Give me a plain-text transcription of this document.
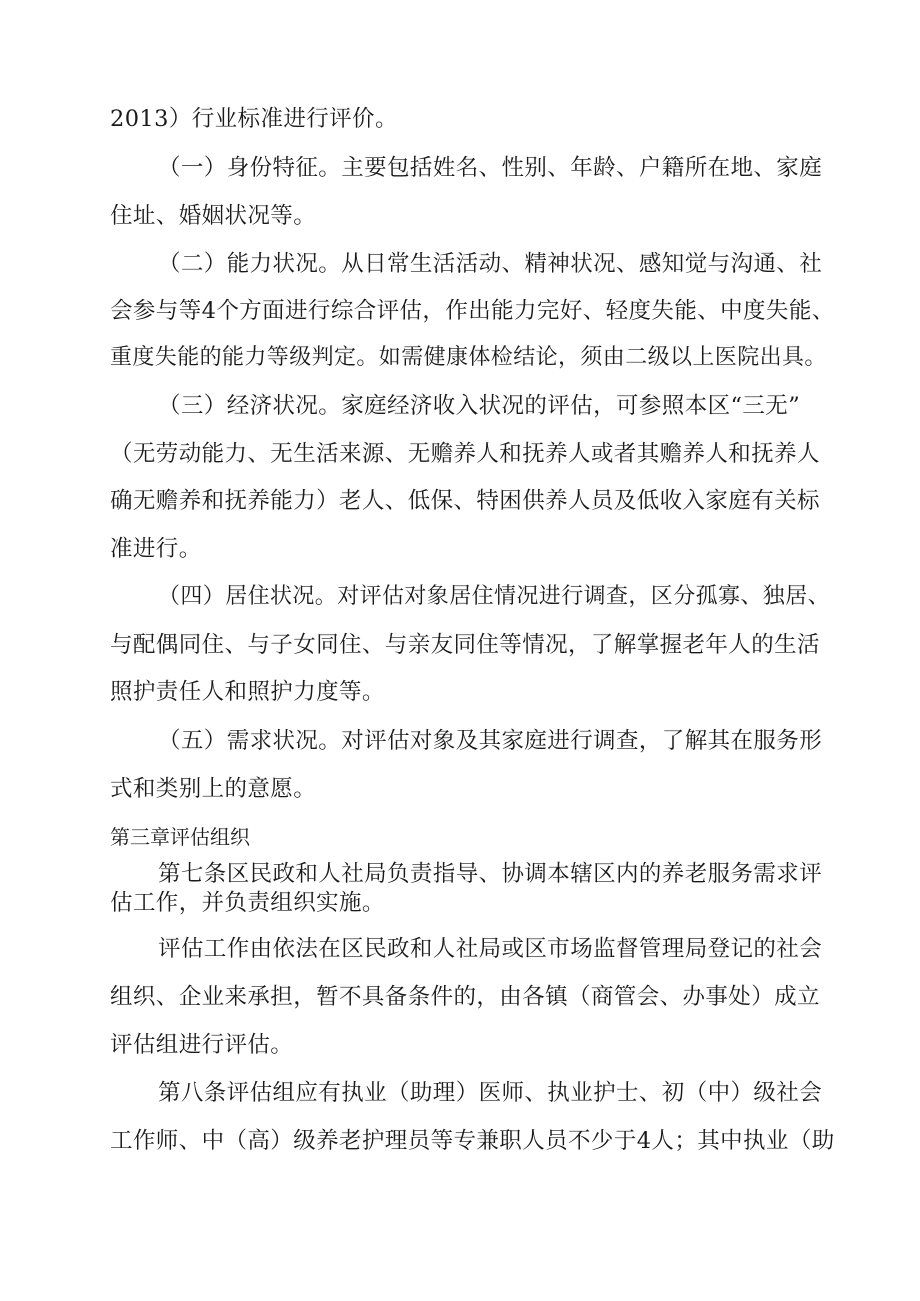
2013）行业标准进行评价。
（一）身份特征。主要包括姓名、性别、年龄、户籍所在地、家庭
住址、婚姻状况等。
（二）能力状况。从日常生活活动、精神状况、感知觉与沟通、社
会参与等4个方面进行综合评估，作出能力完好、轻度失能、中度失能、
重度失能的能力等级判定。如需健康体检结论，须由二级以上医院出具。
（三）经济状况。家庭经济收入状况的评估，可参照本区“三无”
（无劳动能力、无生活来源、无赡养人和抚养人或者其赡养人和抚养人
确无赡养和抚养能力）老人、低保、特困供养人员及低收入家庭有关标
准进行。
（四）居住状况。对评估对象居住情况进行调查，区分孤寡、独居、
与配偶同住、与子女同住、与亲友同住等情况，了解掌握老年人的生活
照护责任人和照护力度等。
（五）需求状况。对评估对象及其家庭进行调查，了解其在服务形
式和类别上的意愿。
第三章评估组织
第七条区民政和人社局负责指导、协调本辖区内的养老服务需求评
估工作，并负责组织实施。
评估工作由依法在区民政和人社局或区市场监督管理局登记的社会
组织、企业来承担，暂不具备条件的，由各镇（商管会、办事处）成立
评估组进行评估。
第八条评估组应有执业（助理）医师、执业护士、初（中）级社会
工作师、中（高）级养老护理员等专兼职人员不少于4人；其中执业（助
